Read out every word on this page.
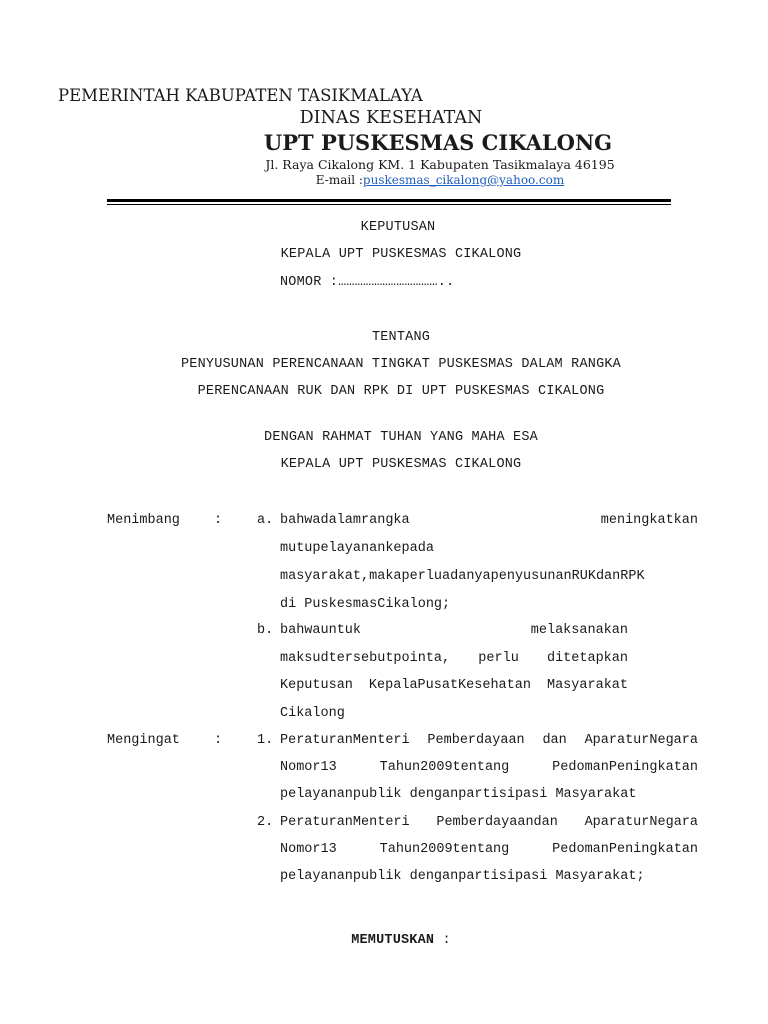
PEMERINTAH KABUPATEN TASIKMALAYA
DINAS KESEHATAN
UPT PUSKESMAS CIKALONG
Jl. Raya Cikalong KM. 1 Kabupaten Tasikmalaya 46195
E-mail :puskesmas_cikalong@yahoo.com
KEPUTUSAN
KEPALA UPT PUSKESMAS CIKALONG
NOMOR :………………………………..
TENTANG
PENYUSUNAN PERENCANAAN TINGKAT PUSKESMAS DALAM RANGKA
PERENCANAAN RUK DAN RPK DI UPT PUSKESMAS CIKALONG
DENGAN RAHMAT TUHAN YANG MAHA ESA
KEPALA UPT PUSKESMAS CIKALONG
Menimbang	:	a. bahwadalamrangka meningkatkan
mutupelayanankepada
masyarakat,makaperluadanyapenyusunanRUKdanRPK
di PuskesmasCikalong;
b. bahwauntuk melaksanakan
maksudtersebutpointa, perlu ditetapkan
Keputusan KepalaPusatKesehatan Masyarakat
Cikalong
Mengingat	:	1. PeraturanMenteri Pemberdayaan dan AparaturNegara
Nomor13 Tahun2009tentang PedomanPeningkatan
pelayananpublik denganpartisipasi Masyarakat
2. PeraturanMenteri Pemberdayaandan AparaturNegara
Nomor13 Tahun2009tentang PedomanPeningkatan
pelayananpublik denganpartisipasi Masyarakat;
MEMUTUSKAN :
